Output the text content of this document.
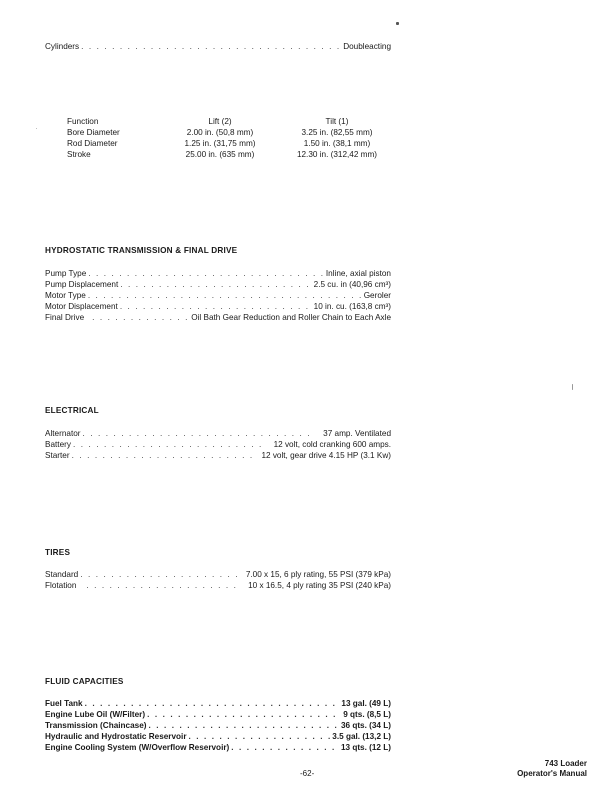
Cylinders . . .	Doubleacting
Function	Lift (2)	Tilt (1)
Bore Diameter	2.00 in. (50,8 mm)	3.25 in. (82,55 mm)
Rod Diameter	1.25 in. (31,75 mm)	1.50 in. (38,1 mm)
Stroke	25.00 in. (635 mm)	12.30 in. (312,42 mm)
HYDROSTATIC TRANSMISSION & FINAL DRIVE
Pump Type . . .	Inline, axial piston
Pump Displacement . . .	2.5 cu. in (40,96 cm³)
Motor Type . . .	Geroler
Motor Displacement . . .	10 in. cu. (163,8 cm³)
Final Drive . . .	Oil Bath Gear Reduction and Roller Chain to Each Axle
ELECTRICAL
Alternator . . .	37 amp. Ventilated
Battery . . .	12 volt, cold cranking 600 amps.
Starter . . .	12 volt, gear drive 4.15 HP (3.1 Kw)
TIRES
Standard . . .	7.00 x 15, 6 ply rating, 55 PSI (379 kPa)
Flotation . . .	10 x 16.5, 4 ply rating 35 PSI (240 kPa)
FLUID CAPACITIES
Fuel Tank . . .	13 gal. (49 L)
Engine Lube Oil (W/Filter) . . .	9 qts. (8,5 L)
Transmission (Chaincase) . . .	36 qts. (34 L)
Hydraulic and Hydrostatic Reservoir . . .	3.5 gal. (13,2 L)
Engine Cooling System (W/Overflow Reservoir) . . .	13 qts. (12 L)
-62-
743 Loader
Operator's Manual
